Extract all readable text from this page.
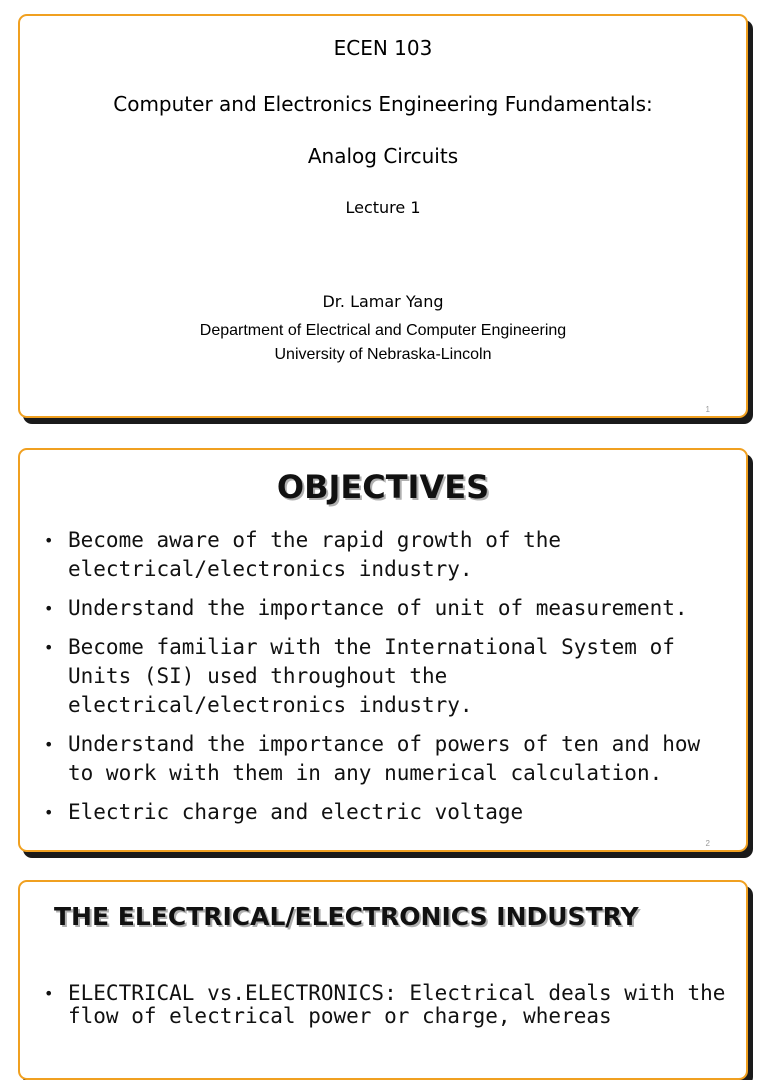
ECEN 103
Computer and Electronics Engineering Fundamentals:
Analog Circuits
Lecture 1
Dr. Lamar Yang
Department of Electrical and Computer Engineering
University of Nebraska-Lincoln
1
OBJECTIVES
• Become aware of the rapid growth of the electrical/electronics industry.
• Understand the importance of unit of measurement.
• Become familiar with the International System of Units (SI) used throughout the electrical/electronics industry.
• Understand the importance of powers of ten and how to work with them in any numerical calculation.
• Electric charge and electric voltage
2
THE ELECTRICAL/ELECTRONICS INDUSTRY
• ELECTRICAL vs.ELECTRONICS: Electrical deals with the flow of electrical power or charge, whereas
